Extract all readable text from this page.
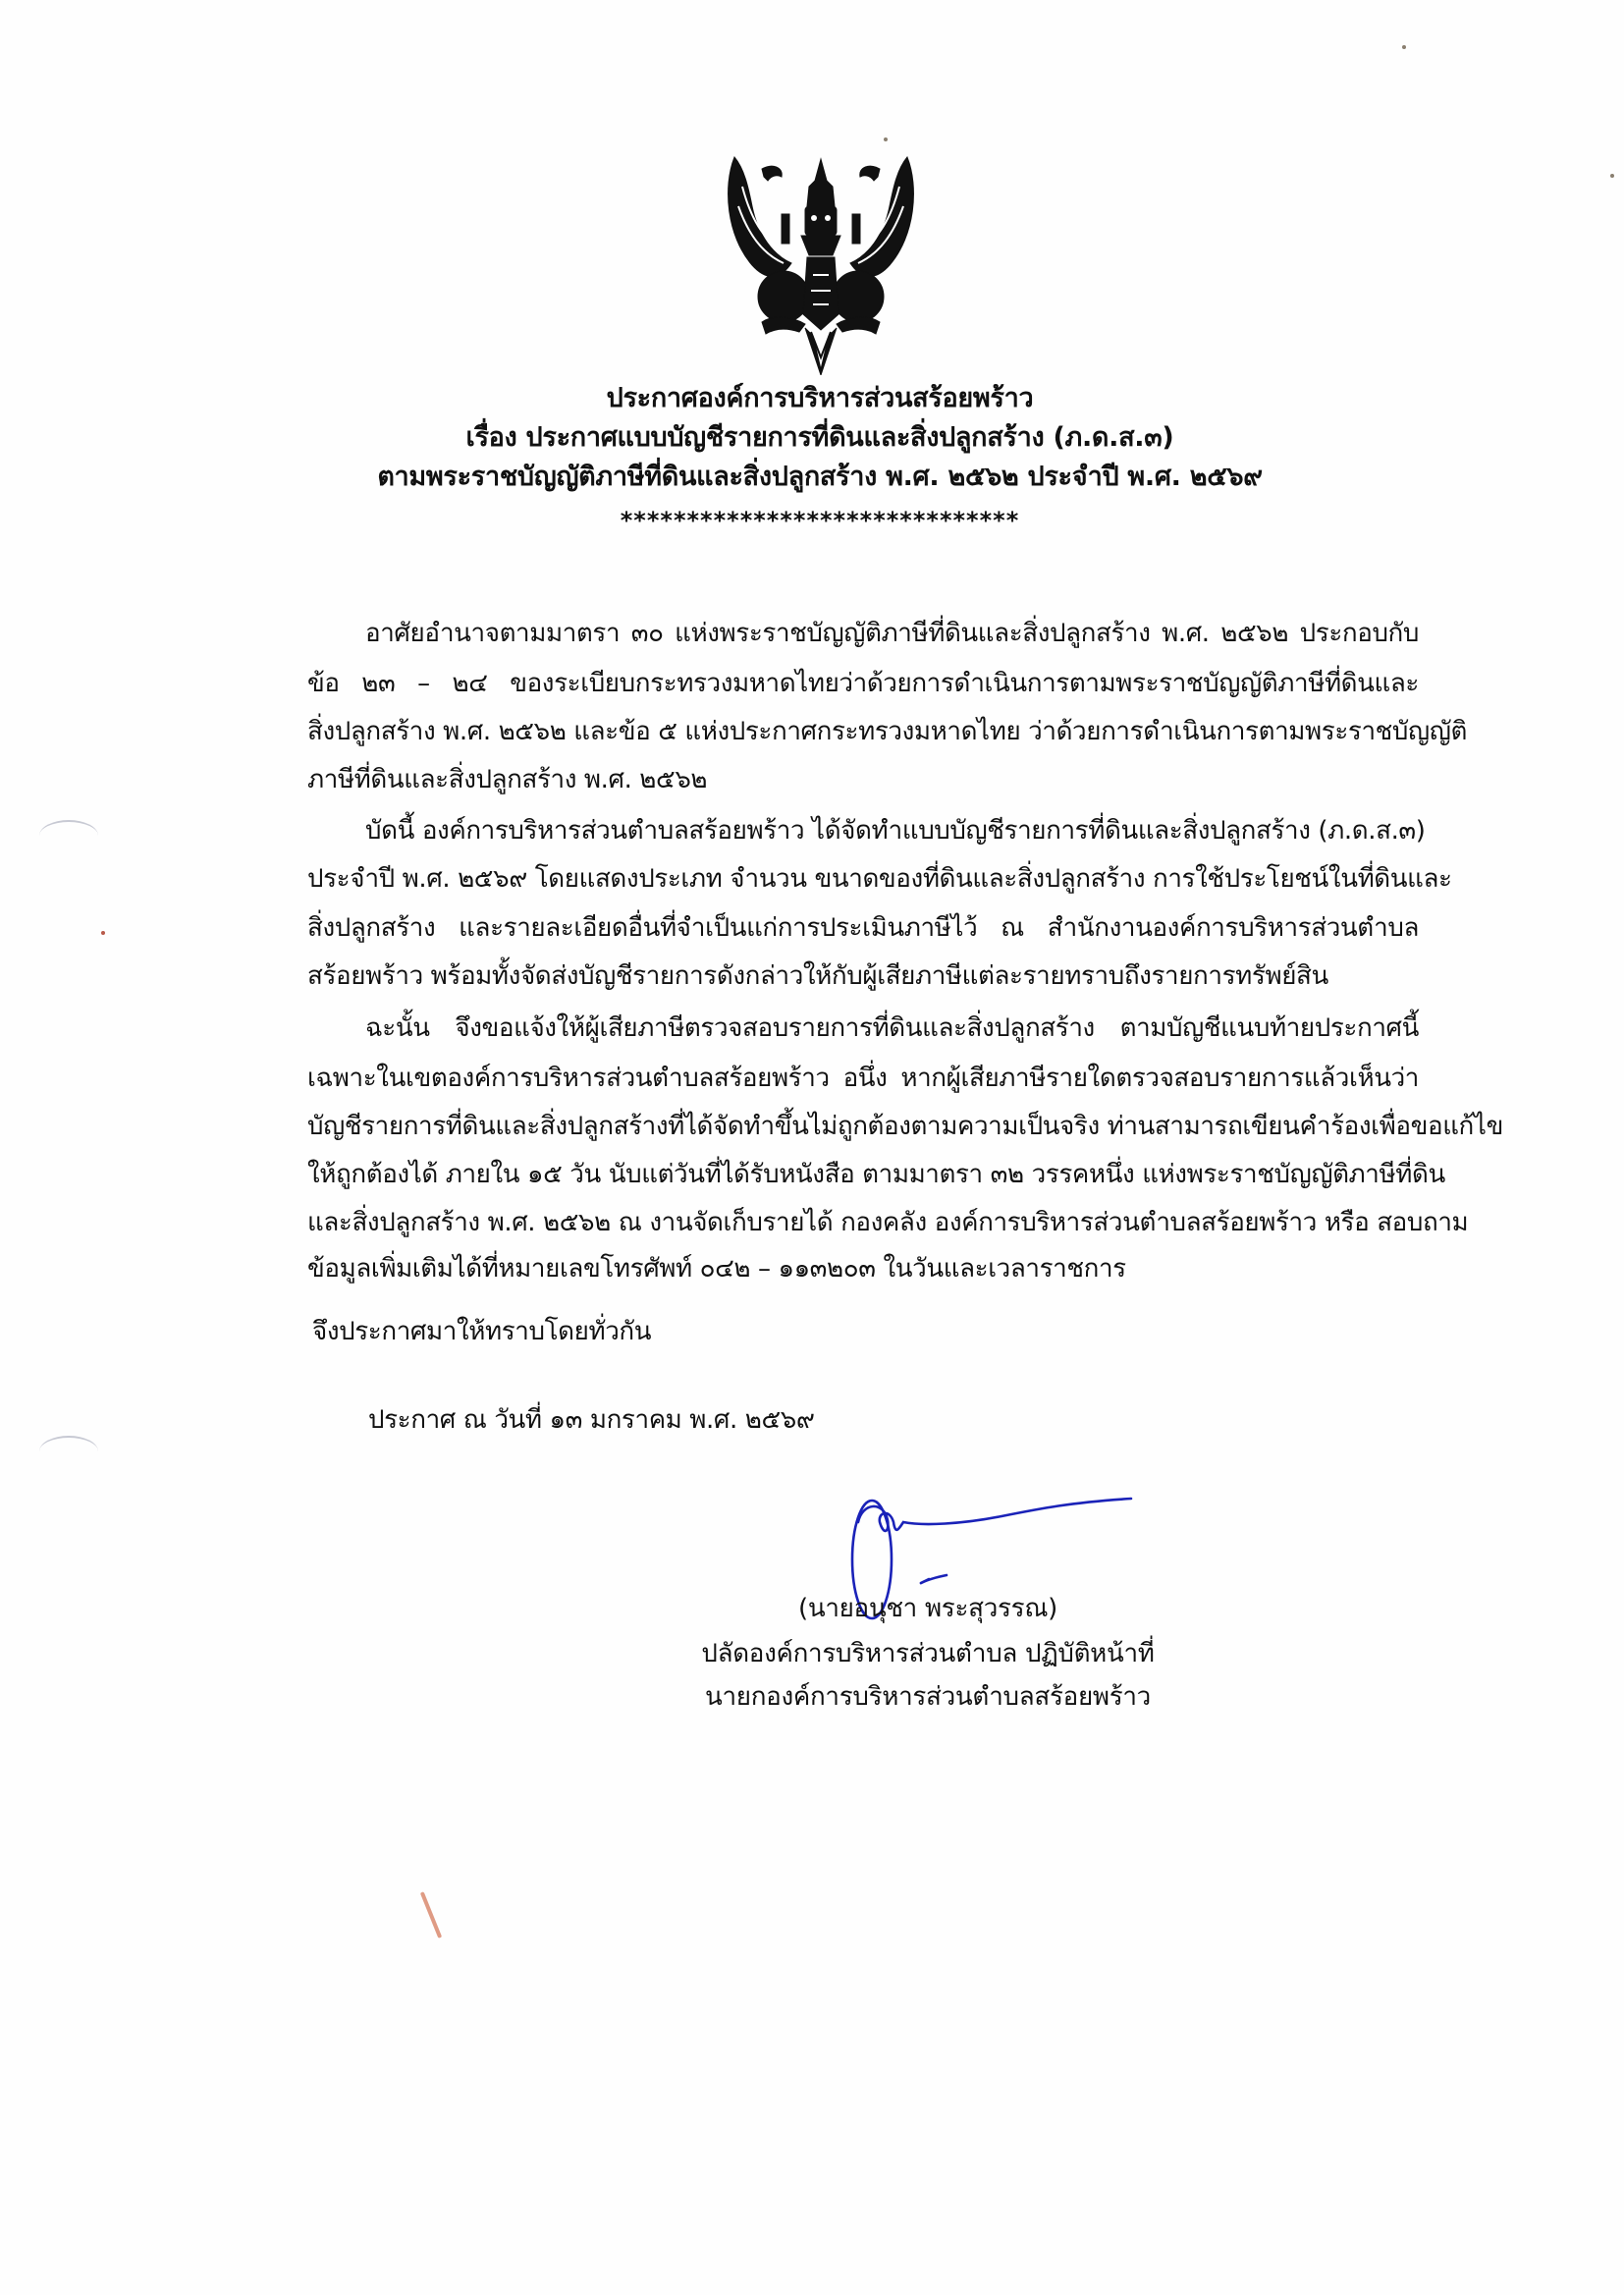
ประกาศองค์การบริหารส่วนสร้อยพร้าว
เรื่อง ประกาศแบบบัญชีรายการที่ดินและสิ่งปลูกสร้าง (ภ.ด.ส.๓)
ตามพระราชบัญญัติภาษีที่ดินและสิ่งปลูกสร้าง พ.ศ. ๒๕๖๒ ประจำปี พ.ศ. ๒๕๖๙
******************************
อาศัยอำนาจตามมาตรา ๓๐ แห่งพระราชบัญญัติภาษีที่ดินและสิ่งปลูกสร้าง พ.ศ. ๒๕๖๒ ประกอบกับ
ข้อ ๒๓ – ๒๔ ของระเบียบกระทรวงมหาดไทยว่าด้วยการดำเนินการตามพระราชบัญญัติภาษีที่ดินและ
สิ่งปลูกสร้าง พ.ศ. ๒๕๖๒ และข้อ ๕ แห่งประกาศกระทรวงมหาดไทย ว่าด้วยการดำเนินการตามพระราชบัญญัติ
ภาษีที่ดินและสิ่งปลูกสร้าง พ.ศ. ๒๕๖๒
บัดนี้ องค์การบริหารส่วนตำบลสร้อยพร้าว ได้จัดทำแบบบัญชีรายการที่ดินและสิ่งปลูกสร้าง (ภ.ด.ส.๓)
ประจำปี พ.ศ. ๒๕๖๙ โดยแสดงประเภท จำนวน ขนาดของที่ดินและสิ่งปลูกสร้าง การใช้ประโยชน์ในที่ดินและ
สิ่งปลูกสร้าง และรายละเอียดอื่นที่จำเป็นแก่การประเมินภาษีไว้ ณ สำนักงานองค์การบริหารส่วนตำบล
สร้อยพร้าว พร้อมทั้งจัดส่งบัญชีรายการดังกล่าวให้กับผู้เสียภาษีแต่ละรายทราบถึงรายการทรัพย์สิน
ฉะนั้น จึงขอแจ้งให้ผู้เสียภาษีตรวจสอบรายการที่ดินและสิ่งปลูกสร้าง ตามบัญชีแนบท้ายประกาศนี้
เฉพาะในเขตองค์การบริหารส่วนตำบลสร้อยพร้าว อนึ่ง หากผู้เสียภาษีรายใดตรวจสอบรายการแล้วเห็นว่า
บัญชีรายการที่ดินและสิ่งปลูกสร้างที่ได้จัดทำขึ้นไม่ถูกต้องตามความเป็นจริง ท่านสามารถเขียนคำร้องเพื่อขอแก้ไข
ให้ถูกต้องได้ ภายใน ๑๕ วัน นับแต่วันที่ได้รับหนังสือ ตามมาตรา ๓๒ วรรคหนึ่ง แห่งพระราชบัญญัติภาษีที่ดิน
และสิ่งปลูกสร้าง พ.ศ. ๒๕๖๒ ณ งานจัดเก็บรายได้ กองคลัง องค์การบริหารส่วนตำบลสร้อยพร้าว หรือ สอบถาม
ข้อมูลเพิ่มเติมได้ที่หมายเลขโทรศัพท์ ๐๔๒ – ๑๑๓๒๐๓ ในวันและเวลาราชการ
จึงประกาศมาให้ทราบโดยทั่วกัน
ประกาศ ณ วันที่ ๑๓ มกราคม พ.ศ. ๒๕๖๙
(นายอนุชา พระสุวรรณ)
ปลัดองค์การบริหารส่วนตำบล ปฏิบัติหน้าที่
นายกองค์การบริหารส่วนตำบลสร้อยพร้าว
